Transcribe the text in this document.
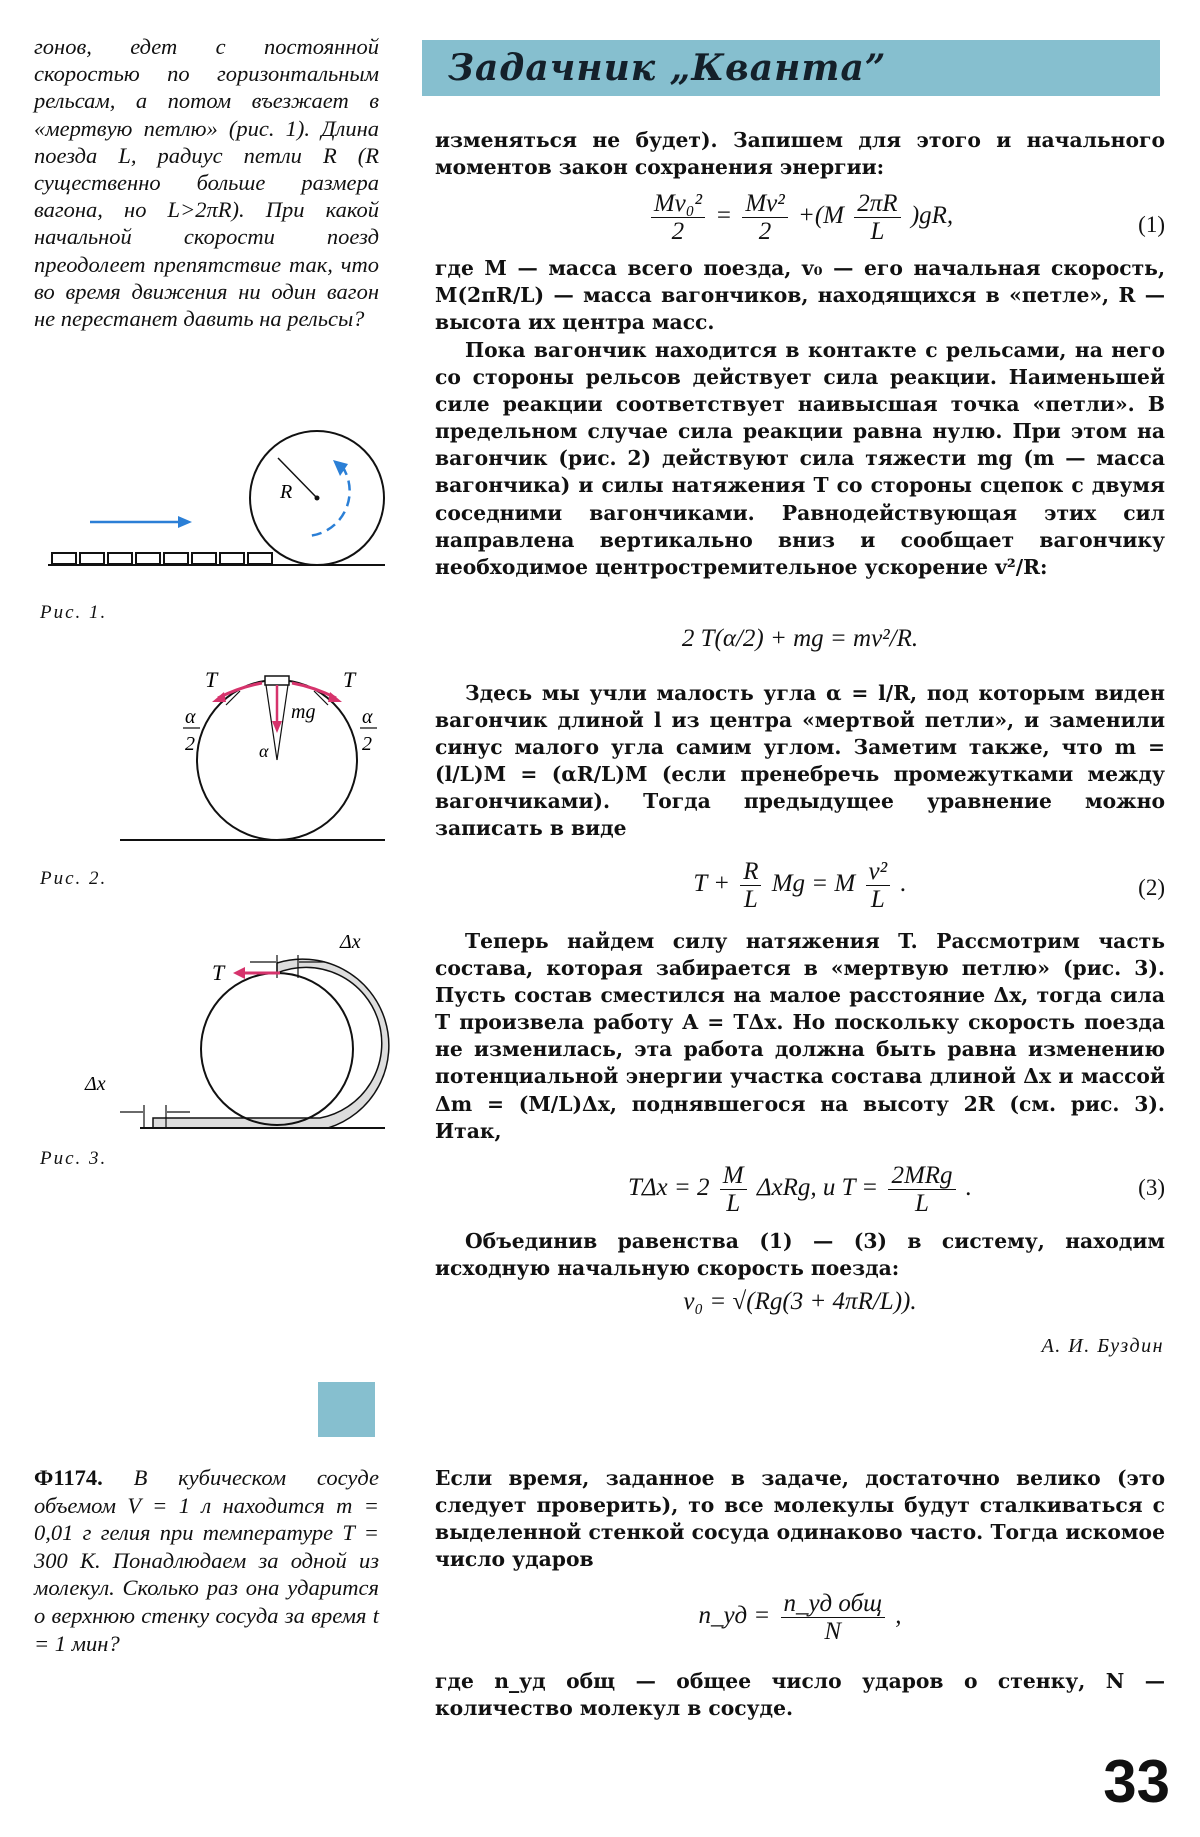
Задачник „Кванта”
гонов, едет с постоянной скоростью по горизонтальным рельсам, а потом въезжает в «мертвую петлю» (рис. 1). Длина поезда L, радиус петли R (R существенно больше размера вагона, но L>2πR). При какой начальной скорости поезд преодолеет препятствие так, что во время движения ни один вагон не перестанет давить на рельсы?
R
Рис. 1.
T	T
mg
α
α
2
α
2
Рис. 2.
Δx
T
Δx
Рис. 3.
изменяться не будет). Запишем для этого и начального моментов закон сохранения энергии:
$\frac{\text{Mv₀²}}{2} = \frac{\text{Mv²}}{2} +(M \frac{2\pi R}{L} )gR$,	(1)
где M — масса всего поезда, v₀ — его начальная скорость, M(2πR/L) — масса вагончиков, находящихся в «петле», R — высота их центра масс.
Пока вагончик находится в контакте с рельсами, на него со стороны рельсов действует сила реакции. Наименьшей силе реакции соответствует наивысшая точка «петли». В предельном случае сила реакции равна нулю. При этом на вагончик (рис. 2) действуют сила тяжести mg (m — масса вагончика) и силы натяжения T со стороны сцепок с двумя соседними вагончиками. Равнодействующая этих сил направлена вертикально вниз и сообщает вагончику необходимое центростремительное ускорение v²/R:
2 T(α/2) + mg = mv²/R.
Здесь мы учли малость угла α = l/R, под которым виден вагончик длиной l из центра «мертвой петли», и заменили синус малого угла самим углом. Заметим также, что m = (l/L)M = (αR/L)M (если пренебречь промежутками между вагончиками). Тогда предыдущее уравнение можно записать в виде
$T + \frac{R}{L}$ Mg = M $\frac{\text{v²}}{L}$ .	(2)
Теперь найдем силу натяжения T. Рассмотрим часть состава, которая забирается в «мертвую петлю» (рис. 3). Пусть состав сместился на малое расстояние Δx, тогда сила T произвела работу A = TΔx. Но поскольку скорость поезда не изменилась, эта работа должна быть равна изменению потенциальной энергии участка состава длиной Δx и массой Δm = (M/L)Δx, поднявшегося на высоту 2R (см. рис. 3). Итак,
$T\Delta x = 2 \frac{M}{L} \Delta xRg$, и $T = \frac{\text{2MRg}}{L}$ .	(3)
Объединив равенства (1) — (3) в систему, находим исходную начальную скорость поезда:
v₀ = √(Rg(3 + 4πR/L)).
А. И. Буздин
Ф1174. В кубическом сосуде объемом V = 1 л находится m = 0,01 г гелия при температуре T = 300 К. Понадлюдаем за одной из молекул. Сколько раз она ударится о верхнюю стенку сосуда за время t = 1 мин?
Если время, заданное в задаче, достаточно велико (это следует проверить), то все молекулы будут сталкиваться с выделенной стенкой сосуда одинаково часто. Тогда искомое число ударов
n_уд = $\frac{\text{n\_уд общ}}{N}$ ,
где n_уд общ — общее число ударов о стенку, N — количество молекул в сосуде.
33
